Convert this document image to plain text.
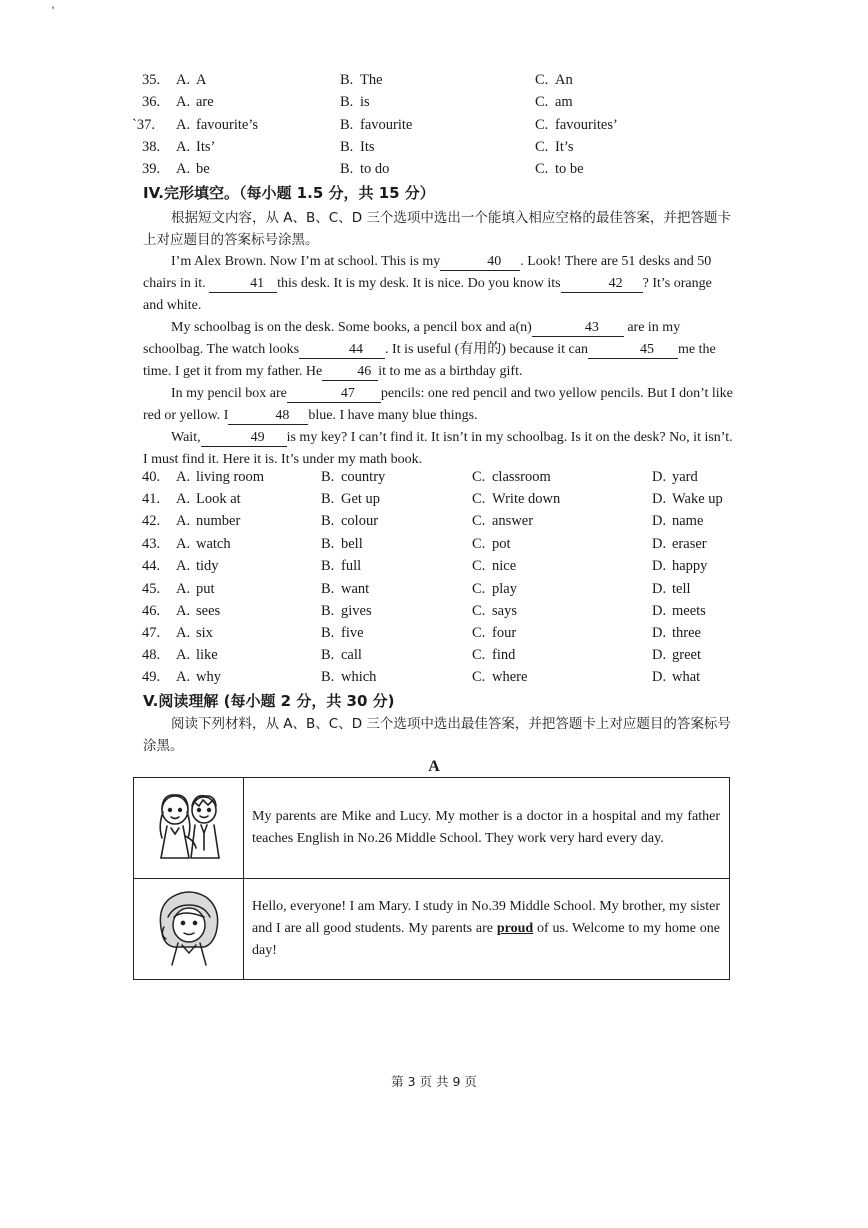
'
35. A. A	B. The	C. An
36. A. are	B. is	C. am
ˋ37. A. favourite’s	B. favourite	C. favourites’
38. A. Its’	B. Its	C. It’s
39. A. be	B. to do	C. to be
IV.完形填空。（每小题 1.5 分，共 15 分）
根据短文内容，从 A、B、C、D 三个选项中选出一个能填入相应空格的最佳答案，并把答题卡上对应题目的答案标号涂黑。
I’m Alex Brown. Now I’m at school. This is my	40 . Look! There are 51 desks and 50 chairs in it.	41 this desk. It is my desk. It is nice. Do you know its	42 ? It’s orange and white.
My schoolbag is on the desk. Some books, a pencil box and a(n)	43 are in my schoolbag. The watch looks	44 . It is useful (有用的) because it can	45 me the time. I get it from my father. He	46 it to me as a birthday gift.
In my pencil box are	47 pencils: one red pencil and two yellow pencils. But I don’t like red or yellow. I	48 blue. I have many blue things.
Wait,	49 is my key? I can’t find it. It isn’t in my schoolbag. Is it on the desk? No, it isn’t. I must find it. Here it is. It’s under my math book.
40. A. living room	B. country	C. classroom	D. yard
41. A. Look at	B. Get up	C. Write down	D. Wake up
42. A. number	B. colour	C. answer	D. name
43. A. watch	B. bell	C. pot	D. eraser
44. A. tidy	B. full	C. nice	D. happy
45. A. put	B. want	C. play	D. tell
46. A. sees	B. gives	C. says	D. meets
47. A. six	B. five	C. four	D. three
48. A. like	B. call	C. find	D. greet
49. A. why	B. which	C. where	D. what
V.阅读理解 (每小题 2 分，共 30 分)
阅读下列材料，从 A、B、C、D 三个选项中选出最佳答案，并把答题卡上对应题目的答案标号涂黑。
A
	My parents are Mike and Lucy. My mother is a doctor in a hospital and my father teaches English in No.26 Middle School. They work very hard every day.
	Hello, everyone! I am Mary. I study in No.39 Middle School. My brother, my sister and I are all good students. My parents are proud of us. Welcome to my home one day!
第 3 页 共 9 页
